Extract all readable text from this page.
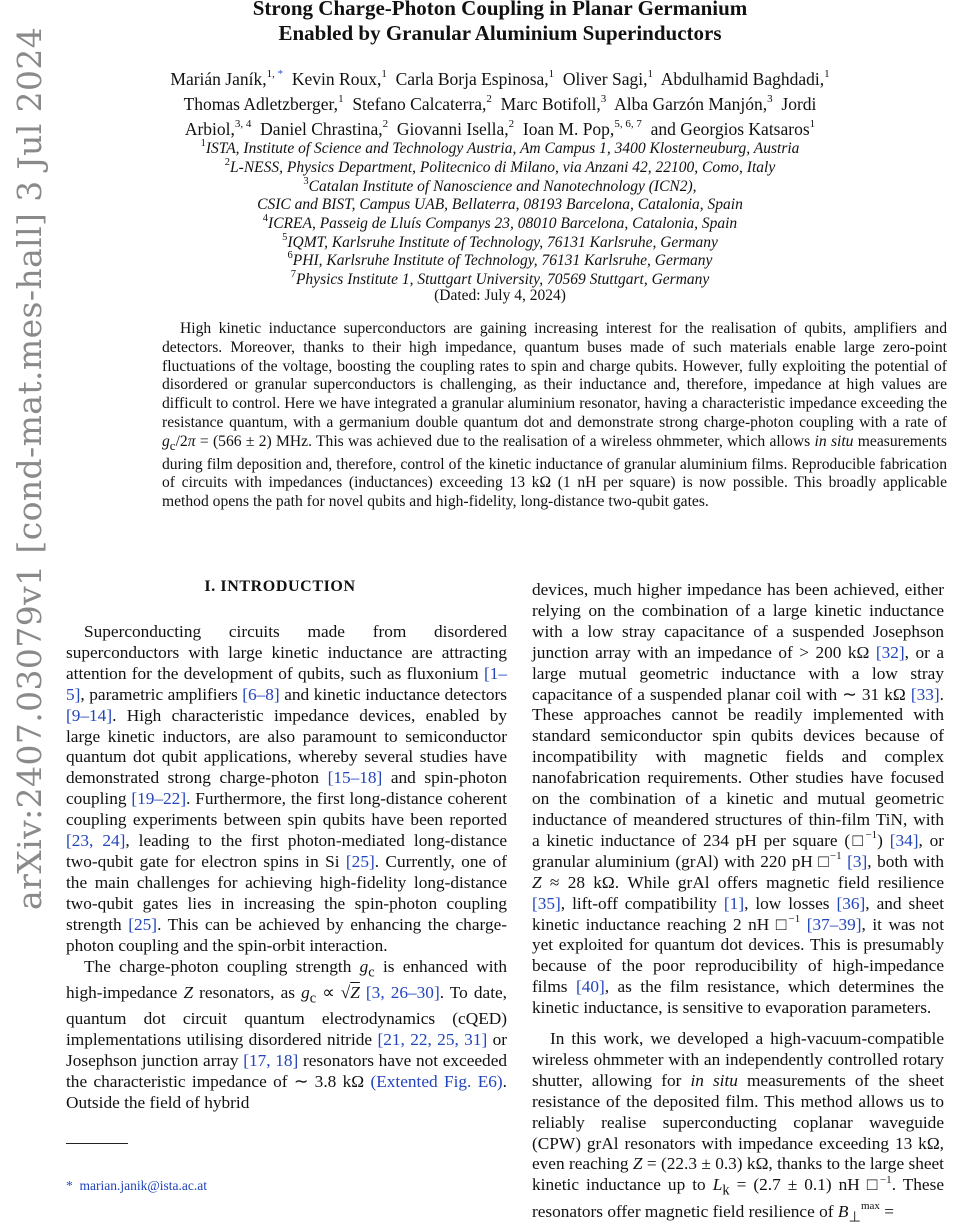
arXiv:2407.03079v1 [cond-mat.mes-hall] 3 Jul 2024
Strong Charge-Photon Coupling in Planar Germanium
Enabled by Granular Aluminium Superinductors
Marián Janík,$^{1,}$ *  Kevin Roux,$^1$  Carla Borja Espinosa,$^1$  Oliver Sagi,$^1$  Abdulhamid Baghdadi,$^1$
Thomas Adletzberger,$^1$  Stefano Calcaterra,$^2$  Marc Botifoll,$^3$  Alba Garzón Manjón,$^3$  Jordi
Arbiol,$^{3, 4}$  Daniel Chrastina,$^2$  Giovanni Isella,$^2$  Ioan M. Pop,$^{5, 6, 7}$  and Georgios Katsaros$^1$
$^1$ISTA, Institute of Science and Technology Austria, Am Campus 1, 3400 Klosterneuburg, Austria
$^2$L-NESS, Physics Department, Politecnico di Milano, via Anzani 42, 22100, Como, Italy
$^3$Catalan Institute of Nanoscience and Nanotechnology (ICN2),
CSIC and BIST, Campus UAB, Bellaterra, 08193 Barcelona, Catalonia, Spain
$^4$ICREA, Passeig de Lluís Companys 23, 08010 Barcelona, Catalonia, Spain
$^5$IQMT, Karlsruhe Institute of Technology, 76131 Karlsruhe, Germany
$^6$PHI, Karlsruhe Institute of Technology, 76131 Karlsruhe, Germany
$^7$Physics Institute 1, Stuttgart University, 70569 Stuttgart, Germany
(Dated: July 4, 2024)

High kinetic inductance superconductors are gaining increasing interest for the realisation of qubits, amplifiers and detectors. Moreover, thanks to their high impedance, quantum buses made of such materials enable large zero-point fluctuations of the voltage, boosting the coupling rates to spin and charge qubits. However, fully exploiting the potential of disordered or granular superconductors is challenging, as their inductance and, therefore, impedance at high values are difficult to control. Here we have integrated a granular aluminium resonator, having a characteristic impedance exceeding the resistance quantum, with a germanium double quantum dot and demonstrate strong charge-photon coupling with a rate of $g_c/2\pi = (566 \pm 2)$ MHz. This was achieved due to the realisation of a wireless ohmmeter, which allows in situ measurements during film deposition and, therefore, control of the kinetic inductance of granular aluminium films. Reproducible fabrication of circuits with impedances (inductances) exceeding 13 kΩ (1 nH per square) is now possible. This broadly applicable method opens the path for novel qubits and high-fidelity, long-distance two-qubit gates.

I. INTRODUCTION

Superconducting circuits made from disordered superconductors with large kinetic inductance are attracting attention for the development of qubits, such as fluxonium [1–5], parametric amplifiers [6–8] and kinetic inductance detectors [9–14]. High characteristic impedance devices, enabled by large kinetic inductors, are also paramount to semiconductor quantum dot qubit applications, whereby several studies have demonstrated strong charge-photon [15–18] and spin-photon coupling [19–22]. Furthermore, the first long-distance coherent coupling experiments between spin qubits have been reported [23, 24], leading to the first photon-mediated long-distance two-qubit gate for electron spins in Si [25]. Currently, one of the main challenges for achieving high-fidelity long-distance two-qubit gates lies in increasing the spin-photon coupling strength [25]. This can be achieved by enhancing the charge-photon coupling and the spin-orbit interaction.

The charge-photon coupling strength $g_c$ is enhanced with high-impedance Z resonators, as $g_c \propto √Z$ [3, 26–30]. To date, quantum dot circuit quantum electrodynamics (cQED) implementations utilising disordered nitride [21, 22, 25, 31] or Josephson junction array [17, 18] resonators have not exceeded the characteristic impedance of ∼ 3.8 kΩ (Extented Fig. E6). Outside the field of hybrid

devices, much higher impedance has been achieved, either relying on the combination of a large kinetic inductance with a low stray capacitance of a suspended Josephson junction array with an impedance of > 200 kΩ [32], or a large mutual geometric inductance with a low stray capacitance of a suspended planar coil with ∼ 31 kΩ [33]. These approaches cannot be readily implemented with standard semiconductor spin qubits devices because of incompatibility with magnetic fields and complex nanofabrication requirements. Other studies have focused on the combination of a kinetic and mutual geometric inductance of meandered structures of thin-film TiN, with a kinetic inductance of 234 pH per square (□$^{-1}$) [34], or granular aluminium (grAl) with 220 pH □$^{-1}$ [3], both with Z ≈ 28 kΩ. While grAl offers magnetic field resilience [35], lift-off compatibility [1], low losses [36], and sheet kinetic inductance reaching 2 nH □$^{-1}$ [37–39], it was not yet exploited for quantum dot devices. This is presumably because of the poor reproducibility of high-impedance films [40], as the film resistance, which determines the kinetic inductance, is sensitive to evaporation parameters.

In this work, we developed a high-vacuum-compatible wireless ohmmeter with an independently controlled rotary shutter, allowing for in situ measurements of the sheet resistance of the deposited film. This method allows us to reliably realise superconducting coplanar waveguide (CPW) grAl resonators with impedance exceeding 13 kΩ, even reaching Z = (22.3 ± 0.3) kΩ, thanks to the large sheet kinetic inductance up to $L_k = (2.7 \pm 0.1)$ nH □$^{-1}$. These resonators offer magnetic field resilience of $B_\perp^{max}$ =

* marian.janik@ista.ac.at
